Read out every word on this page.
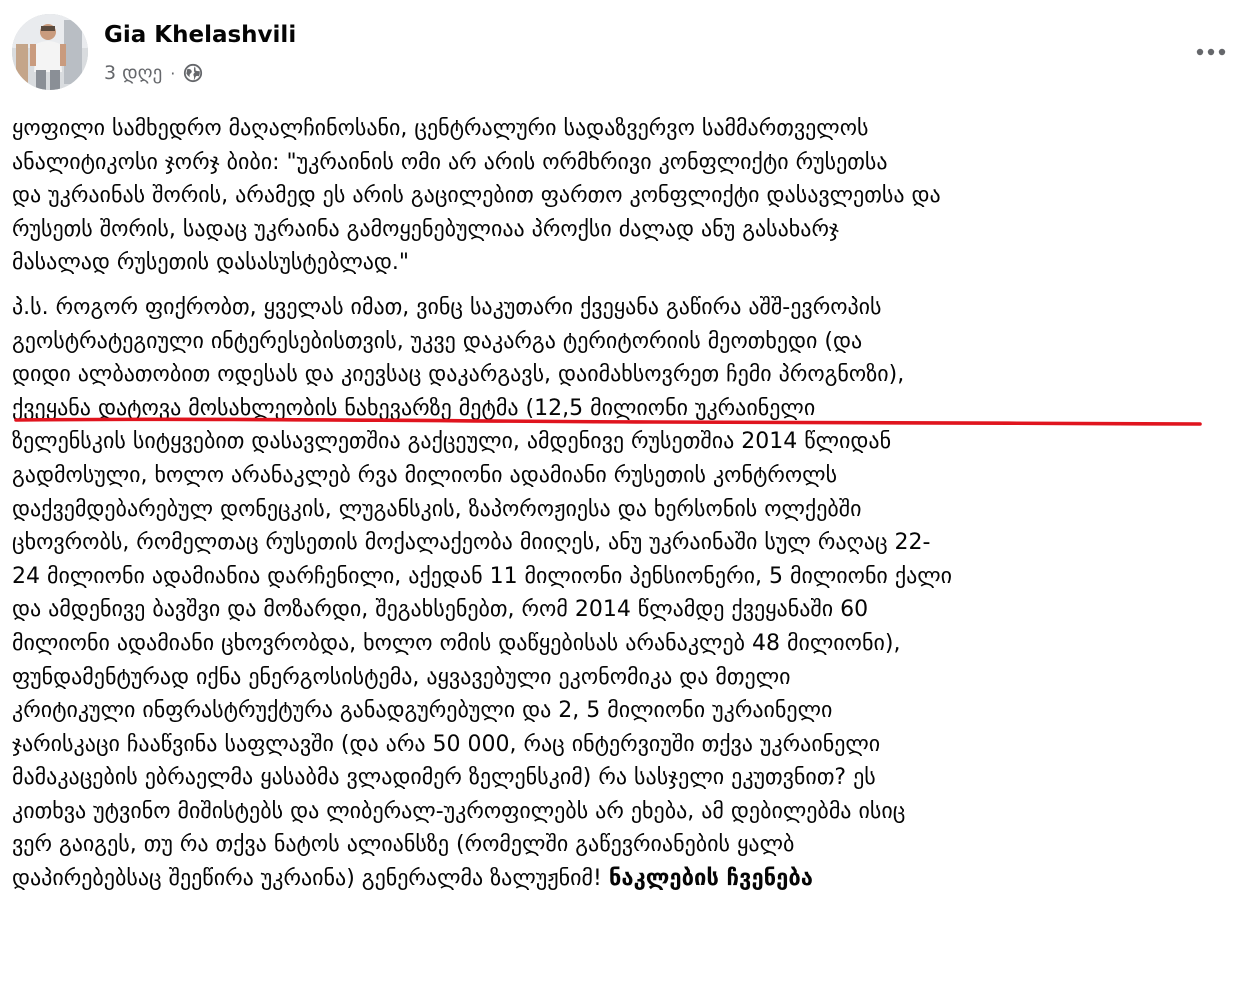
Gia Khelashvili
3 დღე ·

ყოფილი სამხედრო მაღალჩინოსანი, ცენტრალური სადაზვერვო სამმართველოს
ანალიტიკოსი ჯორჯ ბიბი: "უკრაინის ომი არ არის ორმხრივი კონფლიქტი რუსეთსა
და უკრაინას შორის, არამედ ეს არის გაცილებით ფართო კონფლიქტი დასავლეთსა და
რუსეთს შორის, სადაც უკრაინა გამოყენებულიაა პროქსი ძალად ანუ გასახარჯ
მასალად რუსეთის დასასუსტებლად."

პ.ს. როგორ ფიქრობთ, ყველას იმათ, ვინც საკუთარი ქვეყანა გაწირა აშშ-ევროპის
გეოსტრატეგიული ინტერესებისთვის, უკვე დაკარგა ტერიტორიის მეოთხედი (და
დიდი ალბათობით ოდესას და კიევსაც დაკარგავს, დაიმახსოვრეთ ჩემი პროგნოზი),
ქვეყანა დატოვა მოსახლეობის ნახევარზე მეტმა (12,5 მილიონი უკრაინელი
ზელენსკის სიტყვებით დასავლეთშია გაქცეული, ამდენივე რუსეთშია 2014 წლიდან
გადმოსული, ხოლო არანაკლებ რვა მილიონი ადამიანი რუსეთის კონტროლს
დაქვემდებარებულ დონეცკის, ლუგანსკის, ზაპოროჟიესა და ხერსონის ოლქებში
ცხოვრობს, რომელთაც რუსეთის მოქალაქეობა მიიღეს, ანუ უკრაინაში სულ რაღაც 22-
24 მილიონი ადამიანია დარჩენილი, აქედან 11 მილიონი პენსიონერი, 5 მილიონი ქალი
და ამდენივე ბავშვი და მოზარდი, შეგახსენებთ, რომ 2014 წლამდე ქვეყანაში 60
მილიონი ადამიანი ცხოვრობდა, ხოლო ომის დაწყებისას არანაკლებ 48 მილიონი),
ფუნდამენტურად იქნა ენერგოსისტემა, აყვავებული ეკონომიკა და მთელი
კრიტიკული ინფრასტრუქტურა განადგურებული და 2, 5 მილიონი უკრაინელი
ჯარისკაცი ჩააწვინა საფლავში (და არა 50 000, რაც ინტერვიუში თქვა უკრაინელი
მამაკაცების ებრაელმა ყასაბმა ვლადიმერ ზელენსკიმ) რა სასჯელი ეკუთვნით? ეს
კითხვა უტვინო მიშისტებს და ლიბერალ-უკროფილებს არ ეხება, ამ დებილებმა ისიც
ვერ გაიგეს, თუ რა თქვა ნატოს ალიანსზე (რომელში გაწევრიანების ყალბ
დაპირებებსაც შეეწირა უკრაინა) გენერალმა ზალუჟნიმ! ნაკლების ჩვენება
